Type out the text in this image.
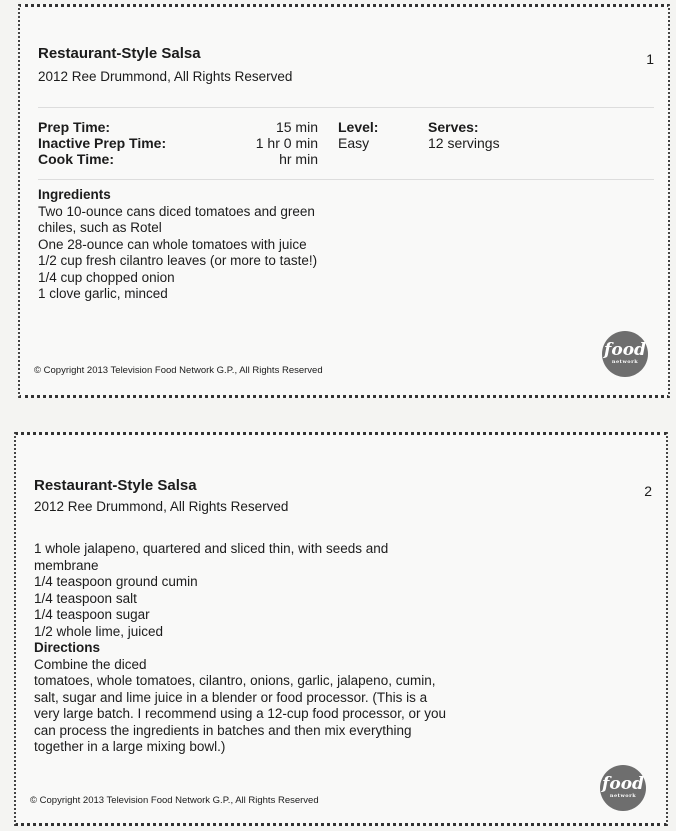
Restaurant-Style Salsa
2012 Ree Drummond, All Rights Reserved
1
Prep Time:
Inactive Prep Time:
Cook Time:
15 min
1 hr 0 min
hr min
Level:
Easy
Serves:
12 servings
Ingredients
Two 10-ounce cans diced tomatoes and green
chiles, such as Rotel
One 28-ounce can whole tomatoes with juice
1/2 cup fresh cilantro leaves (or more to taste!)
1/4 cup chopped onion
1 clove garlic, minced
© Copyright 2013 Television Food Network G.P., All Rights Reserved
food
network
Restaurant-Style Salsa
2012 Ree Drummond, All Rights Reserved
2
1 whole jalapeno, quartered and sliced thin, with seeds and
membrane
1/4 teaspoon ground cumin
1/4 teaspoon salt
1/4 teaspoon sugar
1/2 whole lime, juiced
Directions
Combine the diced
tomatoes, whole tomatoes, cilantro, onions, garlic, jalapeno, cumin,
salt, sugar and lime juice in a blender or food processor. (This is a
very large batch. I recommend using a 12-cup food processor, or you
can process the ingredients in batches and then mix everything
together in a large mixing bowl.)
© Copyright 2013 Television Food Network G.P., All Rights Reserved
food
network
